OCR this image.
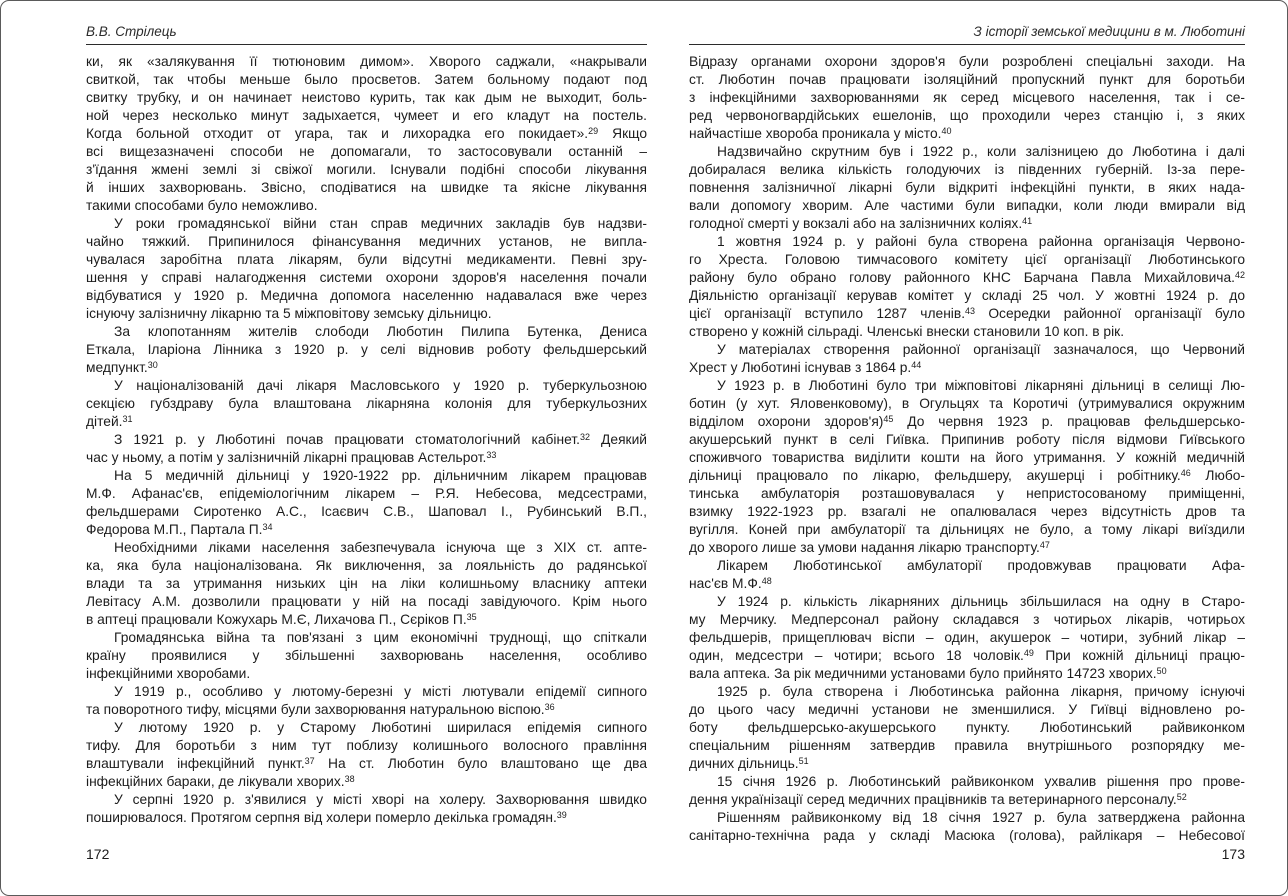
В.В. Стрілець
ки, як «залякування її тютюновим димом». Хворого саджали, «накрывали
свиткой, так чтобы меньше было просветов. Затем больному подают под
свитку трубку, и он начинает неистово курить, так как дым не выходит, боль-
ной через несколько минут задыхается, чумеет и его кладут на постель.
Когда больной отходит от угара, так и лихорадка его покидает».$^{29}$ Якщо
всі вищезазначені способи не допомагали, то застосовували останній –
з'їдання жмені землі зі свіжої могили. Існували подібні способи лікування
й інших захворювань. Звісно, сподіватися на швидке та якісне лікування
такими способами було неможливо.
У роки громадянської війни стан справ медичних закладів був надзви-
чайно тяжкий. Припинилося фінансування медичних установ, не випла-
чувалася заробітна плата лікарям, були відсутні медикаменти. Певні зру-
шення у справі налагодження системи охорони здоров'я населення почали
відбуватися у 1920 р. Медична допомога населенню надавалася вже через
існуючу залізничну лікарню та 5 міжповітову земську дільницю.
За клопотанням жителів слободи Люботин Пилипа Бутенка, Дениса
Еткала, Іларіона Лінника з 1920 р. у селі відновив роботу фельдшерський
медпункт.$^{30}$
У націоналізованій дачі лікаря Масловського у 1920 р. туберкульозною
секцією губздраву була влаштована лікарняна колонія для туберкульозних
дітей.$^{31}$
З 1921 р. у Люботині почав працювати стоматологічний кабінет.$^{32}$ Деякий
час у ньому, а потім у залізничній лікарні працював Астельрот.$^{33}$
На 5 медичній дільниці у 1920-1922 рр. дільничним лікарем працював
М.Ф. Афанас'єв, епідеміологічним лікарем – Р.Я. Небесова, медсестрами,
фельдшерами Сиротенко А.С., Ісаєвич С.В., Шаповал І., Рубинський В.П.,
Федорова М.П., Партала П.$^{34}$
Необхідними ліками населення забезпечувала існуюча ще з XIX ст. апте-
ка, яка була націоналізована. Як виключення, за лояльність до радянської
влади та за утримання низьких цін на ліки колишньому власнику аптеки
Левітасу А.М. дозволили працювати у ній на посаді завідуючого. Крім нього
в аптеці працювали Кожухарь М.Є, Лихачова П., Сєріков П.$^{35}$
Громадянська війна та пов'язані з цим економічні труднощі, що спіткали
країну проявилися у збільшенні захворювань населення, особливо
інфекційними хворобами.
У 1919 р., особливо у лютому-березні у місті лютували епідемії сипного
та поворотного тифу, місцями були захворювання натуральною віспою.$^{36}$
У лютому 1920 р. у Старому Люботині ширилася епідемія сипного
тифу. Для боротьби з ним тут поблизу колишнього волосного правління
влаштували інфекційний пункт.$^{37}$ На ст. Люботин було влаштовано ще два
інфекційних бараки, де лікували хворих.$^{38}$
У серпні 1920 р. з'явилися у місті хворі на холеру. Захворювання швидко
поширювалося. Протягом серпня від холери померло декілька громадян.$^{39}$
172
З історії земської медицини в м. Люботині
Відразу органами охорони здоров'я були розроблені спеціальні заходи. На
ст. Люботин почав працювати ізоляційний пропускний пункт для боротьби
з інфекційними захворюваннями як серед місцевого населення, так і се-
ред червоногвардійських ешелонів, що проходили через станцію і, з яких
найчастіше хвороба проникала у місто.$^{40}$
Надзвичайно скрутним був і 1922 р., коли залізницею до Люботина і далі
добиралася велика кількість голодуючих із південних губерній. Із-за пере-
повнення залізничної лікарні були відкриті інфекційні пункти, в яких нада-
вали допомогу хворим. Але частими були випадки, коли люди вмирали від
голодної смерті у вокзалі або на залізничних коліях.$^{41}$
1 жовтня 1924 р. у районі була створена районна організація Червоно-
го Хреста. Головою тимчасового комітету цієї організації Люботинського
району було обрано голову районного КНС Барчана Павла Михайловича.$^{42}$
Діяльністю організації керував комітет у складі 25 чол. У жовтні 1924 р. до
цієї організації вступило 1287 членів.$^{43}$ Осередки районної організації було
створено у кожній сільраді. Членські внески становили 10 коп. в рік.
У матеріалах створення районної організації зазначалося, що Червоний
Хрест у Люботині існував з 1864 р.$^{44}$
У 1923 р. в Люботині було три міжповітові лікарняні дільниці в селищі Лю-
ботин (у хут. Яловенковому), в Огульцях та Коротичі (утримувалися окружним
відділом охорони здоров'я)$^{45}$ До червня 1923 р. працював фельдшерсько-
акушерський пункт в селі Гиївка. Припинив роботу після відмови Гиївського
споживчого товариства виділити кошти на його утримання. У кожній медичній
дільниці працювало по лікарю, фельдшеру, акушерці і робітнику.$^{46}$ Любо-
тинська амбулаторія розташовувалася у непристосованому приміщенні,
взимку 1922-1923 рр. взагалі не опалювалася через відсутність дров та
вугілля. Коней при амбулаторії та дільницях не було, а тому лікарі виїздили
до хворого лише за умови надання лікарю транспорту.$^{47}$
Лікарем Люботинської амбулаторії продовжував працювати Афа-
нас'єв М.Ф.$^{48}$
У 1924 р. кількість лікарняних дільниць збільшилася на одну в Старо-
му Мерчику. Медперсонал району складався з чотирьох лікарів, чотирьох
фельдшерів, прищеплювач віспи – один, акушерок – чотири, зубний лікар –
один, медсестри – чотири; всього 18 чоловік.$^{49}$ При кожній дільниці працю-
вала аптека. За рік медичними установами було прийнято 14723 хворих.$^{50}$
1925 р. була створена і Люботинська районна лікарня, причому існуючі
до цього часу медичні установи не зменшилися. У Гиївці відновлено ро-
боту фельдшерсько-акушерського пункту. Люботинський райвиконком
спеціальним рішенням затвердив правила внутрішнього розпорядку ме-
дичних дільниць.$^{51}$
15 січня 1926 р. Люботинський райвиконком ухвалив рішення про прове-
дення українізації серед медичних працівників та ветеринарного персоналу.$^{52}$
Рішенням райвиконкому від 18 січня 1927 р. була затверджена районна
санітарно-технічна рада у складі Масюка (голова), райлікаря – Небесової
173
